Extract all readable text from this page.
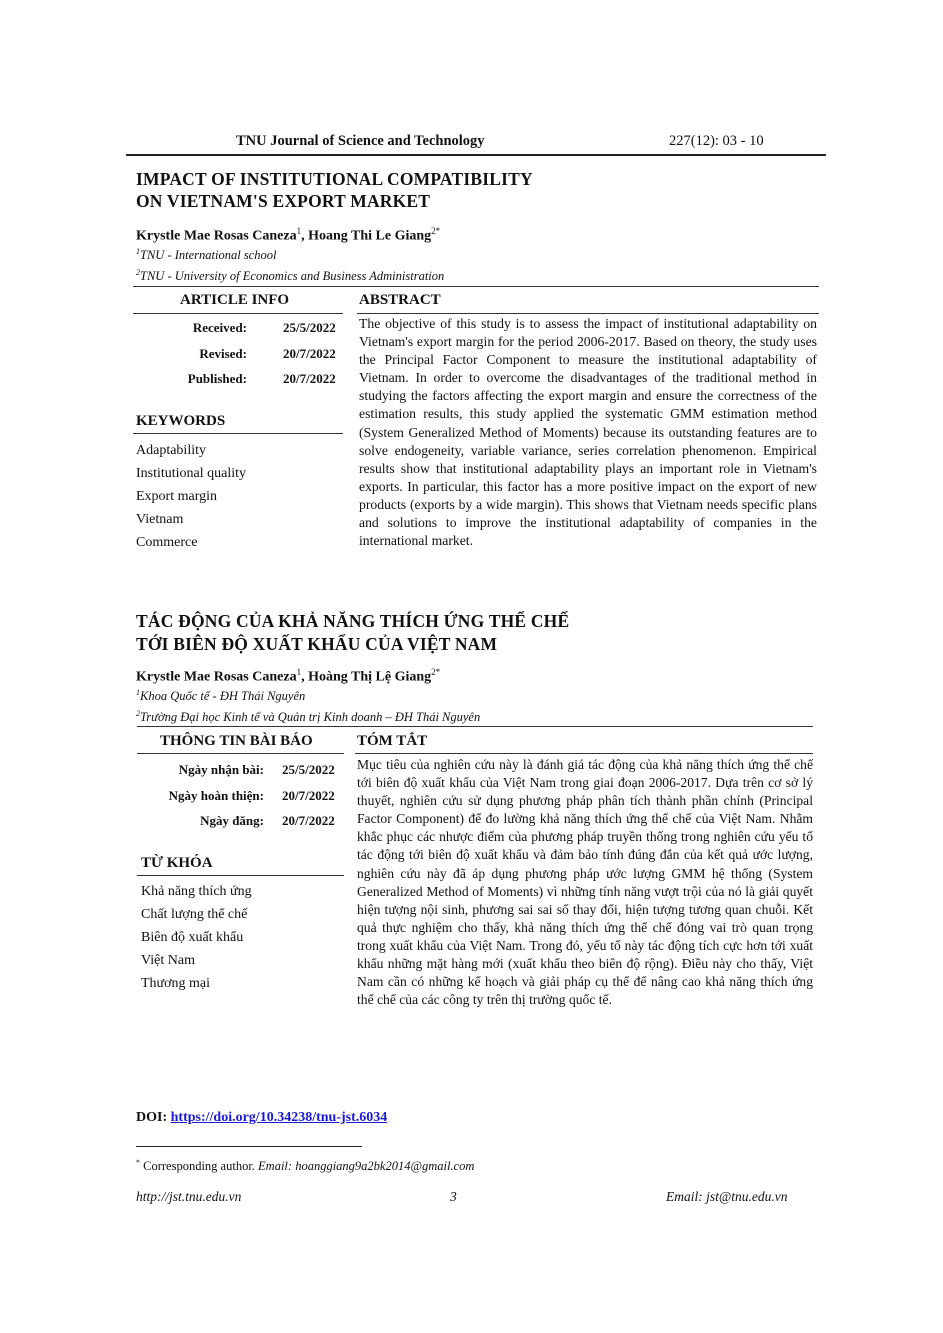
TNU Journal of Science and Technology	227(12): 03 - 10
IMPACT OF INSTITUTIONAL COMPATIBILITY
ON VIETNAM'S EXPORT MARKET
Krystle Mae Rosas Caneza$^1$, Hoang Thi Le Giang$^{2*}$
$^1$TNU - International school
$^2$TNU - University of Economics and Business Administration
ARTICLE INFO	ABSTRACT
Received:	25/5/2022
Revised:	20/7/2022
Published:	20/7/2022
KEYWORDS
Adaptability
Institutional quality
Export margin
Vietnam
Commerce
The objective of this study is to assess the impact of institutional adaptability on Vietnam's export margin for the period 2006-2017. Based on theory, the study uses the Principal Factor Component to measure the institutional adaptability of Vietnam. In order to overcome the disadvantages of the traditional method in studying the factors affecting the export margin and ensure the correctness of the estimation results, this study applied the systematic GMM estimation method (System Generalized Method of Moments) because its outstanding features are to solve endogeneity, variable variance, series correlation phenomenon. Empirical results show that institutional adaptability plays an important role in Vietnam's exports. In particular, this factor has a more positive impact on the export of new products (exports by a wide margin). This shows that Vietnam needs specific plans and solutions to improve the institutional adaptability of companies in the international market.
TÁC ĐỘNG CỦA KHẢ NĂNG THÍCH ỨNG THỂ CHẾ
TỚI BIÊN ĐỘ XUẤT KHẨU CỦA VIỆT NAM
Krystle Mae Rosas Caneza$^1$, Hoàng Thị Lệ Giang$^{2*}$
$^1$Khoa Quốc tế - ĐH Thái Nguyên
$^2$Trường Đại học Kinh tế và Quản trị Kinh doanh – ĐH Thái Nguyên
THÔNG TIN BÀI BÁO	TÓM TẮT
Ngày nhận bài: 25/5/2022
Ngày hoàn thiện: 20/7/2022
Ngày đăng: 20/7/2022
TỪ KHÓA
Khả năng thích ứng
Chất lượng thể chế
Biên độ xuất khẩu
Việt Nam
Thương mại
Mục tiêu của nghiên cứu này là đánh giá tác động của khả năng thích ứng thể chế tới biên độ xuất khẩu của Việt Nam trong giai đoạn 2006-2017. Dựa trên cơ sở lý thuyết, nghiên cứu sử dụng phương pháp phân tích thành phần chính (Principal Factor Component) để đo lường khả năng thích ứng thể chế của Việt Nam. Nhằm khắc phục các nhược điểm của phương pháp truyền thống trong nghiên cứu yếu tố tác động tới biên độ xuất khẩu và đảm bảo tính đúng đắn của kết quả ước lượng, nghiên cứu này đã áp dụng phương pháp ước lượng GMM hệ thống (System Generalized Method of Moments) vì những tính năng vượt trội của nó là giải quyết hiện tượng nội sinh, phương sai sai số thay đổi, hiện tượng tương quan chuỗi. Kết quả thực nghiệm cho thấy, khả năng thích ứng thể chế đóng vai trò quan trọng trong xuất khẩu của Việt Nam. Trong đó, yếu tố này tác động tích cực hơn tới xuất khẩu những mặt hàng mới (xuất khẩu theo biên độ rộng). Điều này cho thấy, Việt Nam cần có những kế hoạch và giải pháp cụ thể để nâng cao khả năng thích ứng thể chế của các công ty trên thị trường quốc tế.
DOI: https://doi.org/10.34238/tnu-jst.6034
* Corresponding author. Email: hoanggiang9a2bk2014@gmail.com
http://jst.tnu.edu.vn	3	Email: jst@tnu.edu.vn
